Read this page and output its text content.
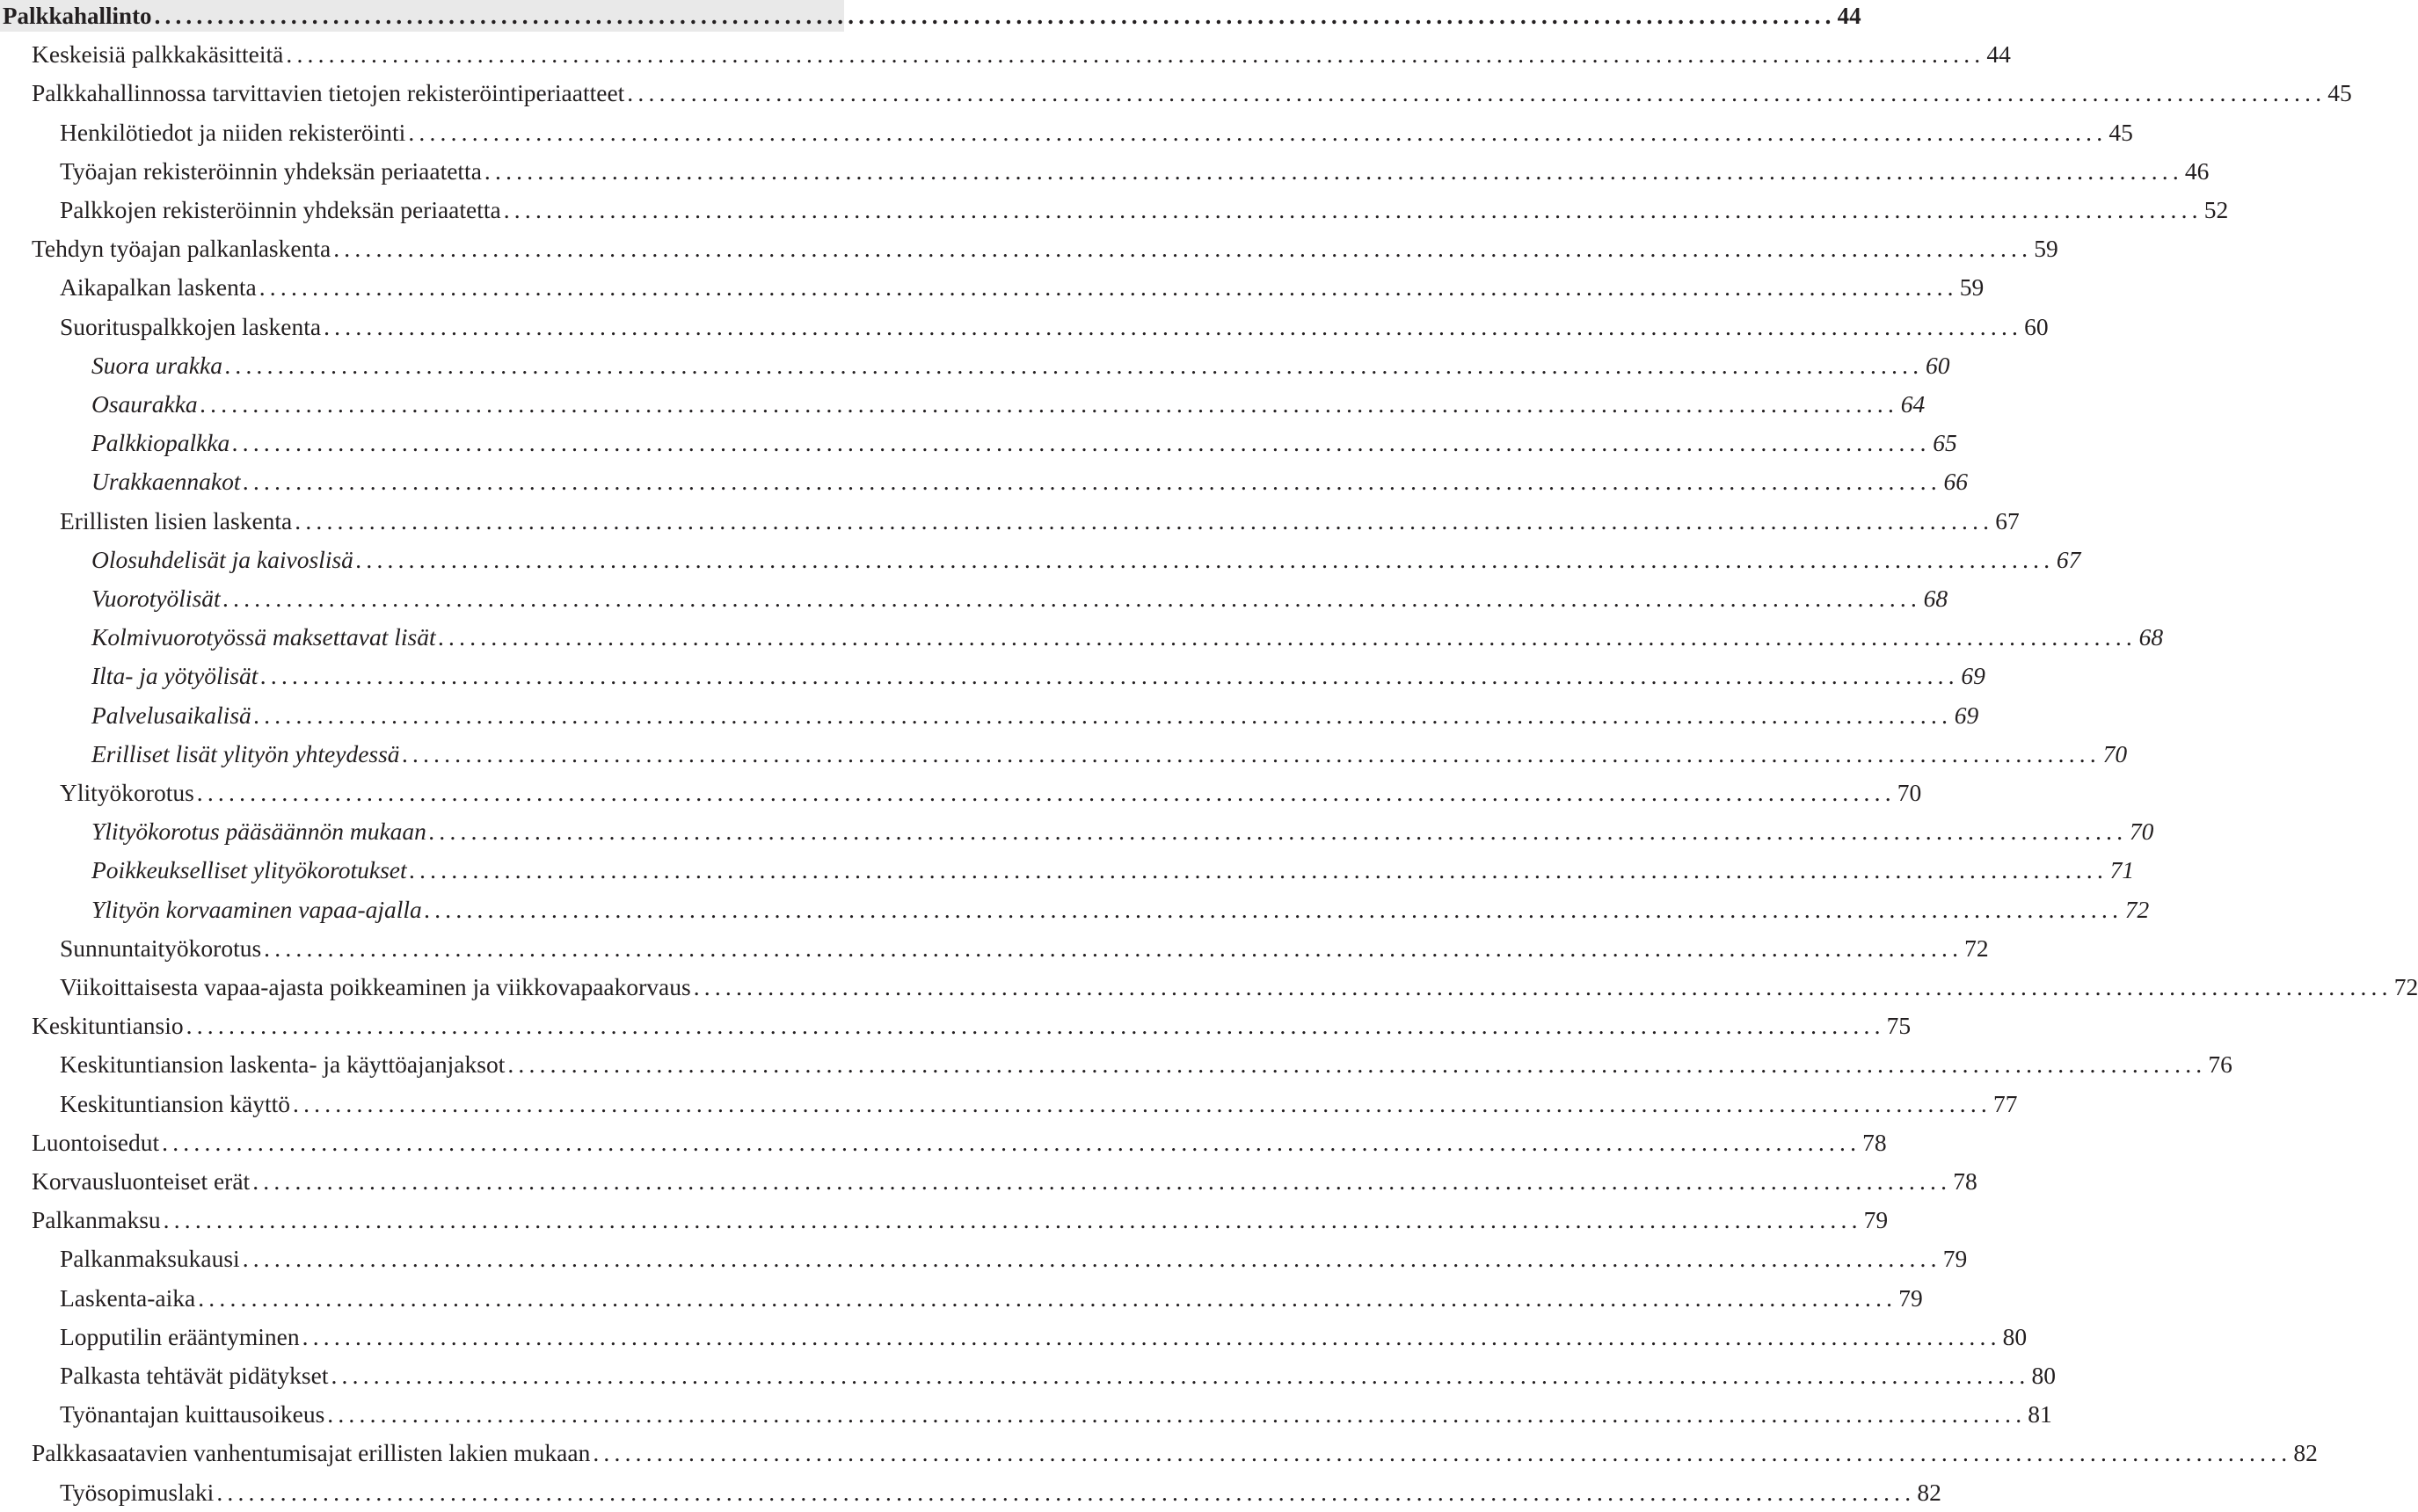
Palkkahallinto ................................................................................................................................................................ 44
Keskeisiä palkkakäsitteitä ................................................................................................................................................................ 44
Palkkahallinnossa tarvittavien tietojen rekisteröintiperiaatteet ................................................................................................................................................................ 45
Henkilötiedot ja niiden rekisteröinti ................................................................................................................................................................ 45
Työajan rekisteröinnin yhdeksän periaatetta ................................................................................................................................................................ 46
Palkkojen rekisteröinnin yhdeksän periaatetta ................................................................................................................................................................ 52
Tehdyn työajan palkanlaskenta ................................................................................................................................................................ 59
Aikapalkan laskenta ................................................................................................................................................................ 59
Suorituspalkkojen laskenta ................................................................................................................................................................ 60
Suora urakka ................................................................................................................................................................ 60
Osaurakka ................................................................................................................................................................ 64
Palkkiopalkka ................................................................................................................................................................ 65
Urakkaennakot ................................................................................................................................................................ 66
Erillisten lisien laskenta ................................................................................................................................................................ 67
Olosuhdelisät ja kaivoslisä ................................................................................................................................................................ 67
Vuorotyölisät ................................................................................................................................................................ 68
Kolmivuorotyössä maksettavat lisät ................................................................................................................................................................ 68
Ilta- ja yötyölisät ................................................................................................................................................................ 69
Palvelusaikalisä ................................................................................................................................................................ 69
Erilliset lisät ylityön yhteydessä ................................................................................................................................................................ 70
Ylityökorotus ................................................................................................................................................................ 70
Ylityökorotus pääsäännön mukaan ................................................................................................................................................................ 70
Poikkeukselliset ylityökorotukset ................................................................................................................................................................ 71
Ylityön korvaaminen vapaa-ajalla ................................................................................................................................................................ 72
Sunnuntaityökorotus ................................................................................................................................................................ 72
Viikoittaisesta vapaa-ajasta poikkeaminen ja viikkovapaakorvaus ................................................................................................................................................................ 72
Keskituntiansio ................................................................................................................................................................ 75
Keskituntiansion laskenta- ja käyttöajanjaksot ................................................................................................................................................................ 76
Keskituntiansion käyttö ................................................................................................................................................................ 77
Luontoisedut ................................................................................................................................................................ 78
Korvausluonteiset erät ................................................................................................................................................................ 78
Palkanmaksu ................................................................................................................................................................ 79
Palkanmaksukausi ................................................................................................................................................................ 79
Laskenta-aika ................................................................................................................................................................ 79
Lopputilin erääntyminen ................................................................................................................................................................ 80
Palkasta tehtävät pidätykset ................................................................................................................................................................ 80
Työnantajan kuittausoikeus ................................................................................................................................................................ 81
Palkkasaatavien vanhentumisajat erillisten lakien mukaan ................................................................................................................................................................ 82
Työsopimuslaki ................................................................................................................................................................ 82
